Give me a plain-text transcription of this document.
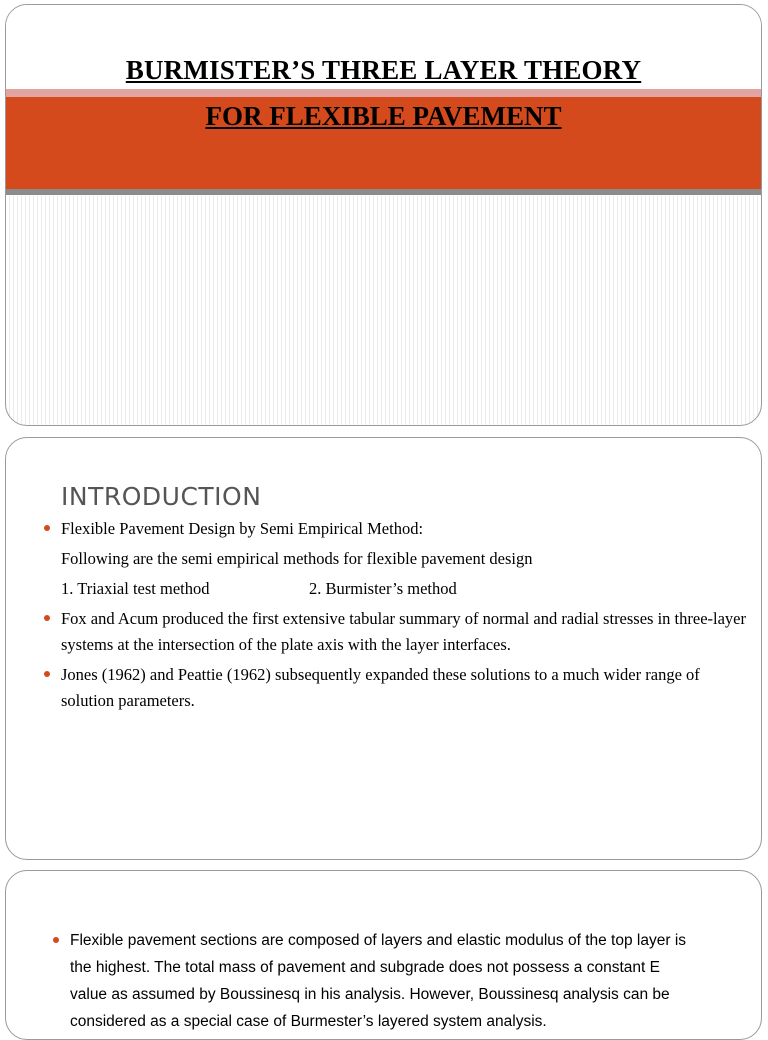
BURMISTER’S THREE LAYER THEORY
FOR FLEXIBLE PAVEMENT
INTRODUCTION
Flexible Pavement Design by Semi Empirical Method:
Following are the semi empirical methods for flexible pavement design
1. Triaxial test method	2. Burmister’s method
Fox and Acum produced the first extensive tabular summary of normal and radial stresses in three-layer systems at the intersection of the plate axis with the layer interfaces.
Jones (1962) and Peattie (1962) subsequently expanded these solutions to a much wider range of solution parameters.
Flexible pavement sections are composed of layers and elastic modulus of the top layer is the highest. The total mass of pavement and subgrade does not possess a constant E value as assumed by Boussinesq in his analysis. However, Boussinesq analysis can be considered as a special case of Burmester’s layered system analysis.
